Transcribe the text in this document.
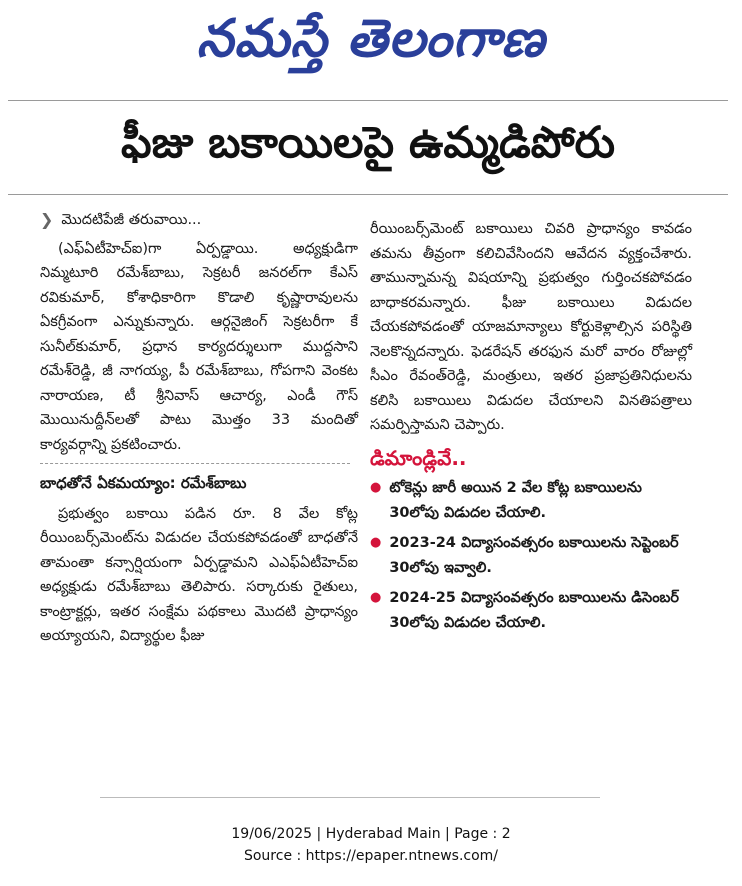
నమస్తే తెలంగాణ
ఫీజు బకాయిలపై ఉమ్మడిపోరు
❯ మొదటిపేజీ తరువాయి...

(ఎఫ్ఏటీహెచ్ఐ)గా ఏర్పడ్డాయి. అధ్యక్షుడిగా నిమ్మటూరి రమేశ్‌బాబు, సెక్రటరీ జనరల్‌గా కేఎస్ రవికుమార్, కోశాధికారిగా కొడాలి కృష్ణారావులను ఏకగ్రీవంగా ఎన్నుకున్నారు. ఆర్గనైజింగ్ సెక్రటరీగా కే సునీల్‌కుమార్, ప్రధాన కార్యదర్శులుగా ముద్దసాని రమేశ్‌రెడ్డి, జీ నాగయ్య, పీ రమేశ్‌బాబు, గోపగాని వెంకట నారాయణ, టీ శ్రీనివాస్ ఆచార్య, ఎండీ గౌస్ మొయినుద్దీన్‌లతో పాటు మొత్తం 33 మందితో కార్యవర్గాన్ని ప్రకటించారు.

బాధతోనే ఏకమయ్యాం: రమేశ్‌బాబు

ప్రభుత్వం బకాయి పడిన రూ. 8 వేల కోట్ల రీయింబర్స్‌మెంట్‌ను విడుదల చేయకపోవడంతో బాధతోనే తామంతా కన్సార్షియంగా ఏర్పడ్డామని ఎఎఫ్ఏటీహెచ్ఐ అధ్యక్షుడు రమేశ్‌బాబు తెలిపారు. సర్కారుకు రైతులు, కాంట్రాక్టర్లు, ఇతర సంక్షేమ పథకాలు మొదటి ప్రాధాన్యం అయ్యాయని, విద్యార్థుల ఫీజు

రీయింబర్స్‌మెంట్ బకాయిలు చివరి ప్రాధాన్యం కావడం తమను తీవ్రంగా కలిచివేసిందని ఆవేదన వ్యక్తంచేశారు. తామున్నామన్న విషయాన్ని ప్రభుత్వం గుర్తించకపోవడం బాధాకరమన్నారు. ఫీజు బకాయిలు విడుదల చేయకపోవడంతో యాజమాన్యాలు కోర్టుకెళ్లాల్సిన పరిస్థితి నెలకొన్నదన్నారు. ఫెడరేషన్ తరఫున మరో వారం రోజుల్లో సీఎం రేవంత్‌రెడ్డి, మంత్రులు, ఇతర ప్రజాప్రతినిధులను కలిసి బకాయిలు విడుదల చేయాలని వినతిపత్రాలు సమర్పిస్తామని చెప్పారు.

డిమాండ్లివే..
● టోకెన్లు జారీ అయిన 2 వేల కోట్ల బకాయిలను 30లోపు విడుదల చేయాలి.
● 2023-24 విద్యాసంవత్సరం బకాయిలను సెప్టెంబర్ 30లోపు ఇవ్వాలి.
● 2024-25 విద్యాసంవత్సరం బకాయిలను డిసెంబర్ 30లోపు విడుదల చేయాలి.
19/06/2025 | Hyderabad Main | Page : 2
Source : https://epaper.ntnews.com/
